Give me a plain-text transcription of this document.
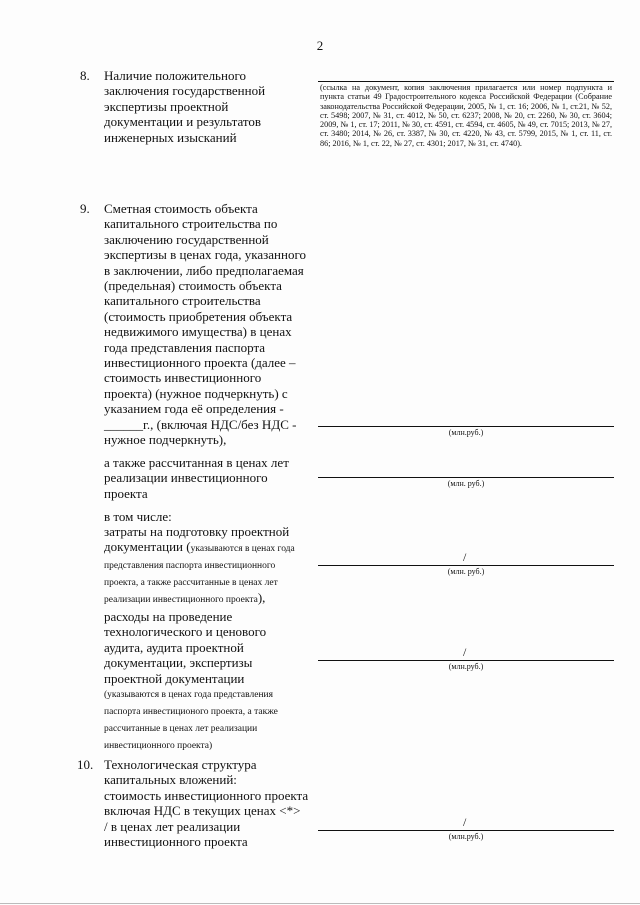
2
8. Наличие положительного
заключения государственной
экспертизы проектной
документации и результатов
инженерных изысканий
(ссылка на документ, копия заключения прилагается или номер подпункта и пункта статьи 49 Градостроительного кодекса Российской Федерации (Собрание законодательства Российской Федерации, 2005, № 1, ст. 16; 2006, № 1, ст.21, № 52, ст. 5498; 2007, № 31, ст. 4012, № 50, ст. 6237; 2008, № 20, ст. 2260, № 30, ст. 3604; 2009, № 1, ст. 17; 2011, № 30, ст. 4591, ст. 4594, ст. 4605, № 49, ст. 7015; 2013, № 27, ст. 3480; 2014, № 26, ст. 3387, № 30, ст. 4220, № 43, ст. 5799, 2015, № 1, ст. 11, ст. 86; 2016, № 1, ст. 22, № 27, ст. 4301; 2017, № 31, ст. 4740).
9. Сметная стоимость объекта
капитального строительства по
заключению государственной
экспертизы в ценах года, указанного
в заключении, либо предполагаемая
(предельная) стоимость объекта
капитального строительства
(стоимость приобретения объекта
недвижимого имущества) в ценах
года представления паспорта
инвестиционного проекта (далее –
стоимость инвестиционного
проекта) (нужное подчеркнуть) с
указанием года её определения -
______г., (включая НДС/без НДС -
нужное подчеркнуть),	(млн.руб.)
а также рассчитанная в ценах лет
реализации инвестиционного
проекта
(млн. руб.)
в том числе:
затраты на подготовку проектной
документации (указываются в ценах года
представления паспорта инвестиционного
проекта, а также рассчитанные в ценах лет
реализации инвестиционного проекта),
/
(млн. руб.)
расходы на проведение
технологического и ценового
аудита, аудита проектной
документации, экспертизы
проектной документации
(указываются в ценах года представления
паспорта инвестиционого проекта, а также
рассчитанные в ценах лет реализации
инвестиционного проекта)
/
(млн.руб.)
10. Технологическая структура
капитальных вложений:
стоимость инвестиционного проекта
включая НДС в текущих ценах <*>
/ в ценах лет реализации
инвестиционного проекта
/
(млн.руб.)
